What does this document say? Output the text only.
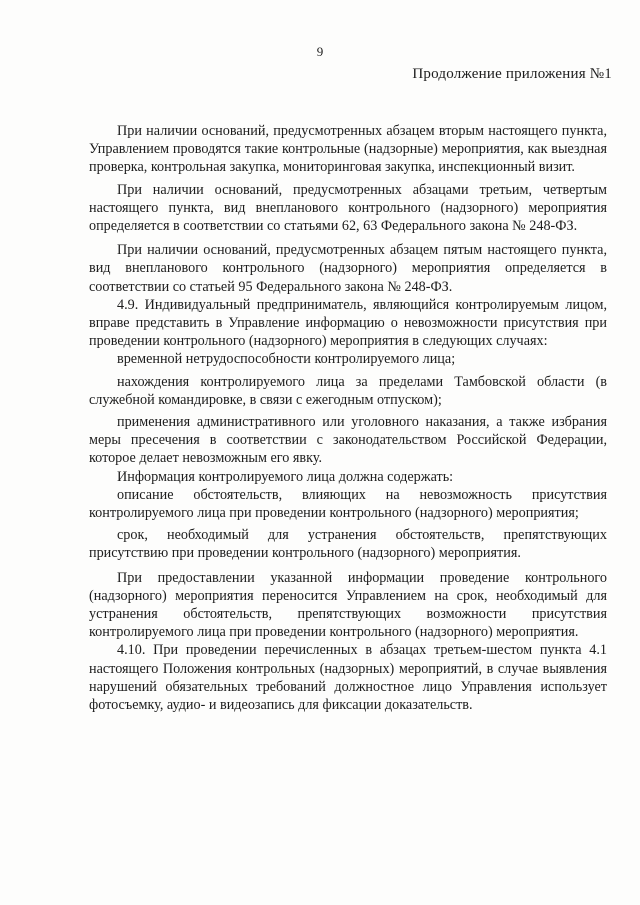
9
Продолжение приложения №1

При наличии оснований, предусмотренных абзацем вторым настоящего пункта, Управлением проводятся такие контрольные (надзорные) мероприятия, как выездная проверка, контрольная закупка, мониторинговая закупка, инспекционный визит.

При наличии оснований, предусмотренных абзацами третьим, четвертым настоящего пункта, вид внепланового контрольного (надзорного) мероприятия определяется в соответствии со статьями 62, 63 Федерального закона № 248-ФЗ.

При наличии оснований, предусмотренных абзацем пятым настоящего пункта, вид внепланового контрольного (надзорного) мероприятия определяется в соответствии со статьей 95 Федерального закона № 248-ФЗ.

4.9. Индивидуальный предприниматель, являющийся контролируемым лицом, вправе представить в Управление информацию о невозможности присутствия при проведении контрольного (надзорного) мероприятия в следующих случаях:

временной нетрудоспособности контролируемого лица;

нахождения контролируемого лица за пределами Тамбовской области (в служебной командировке, в связи с ежегодным отпуском);

применения административного или уголовного наказания, а также избрания меры пресечения в соответствии с законодательством Российской Федерации, которое делает невозможным его явку.

Информация контролируемого лица должна содержать:

описание обстоятельств, влияющих на невозможность присутствия контролируемого лица при проведении контрольного (надзорного) мероприятия;

срок, необходимый для устранения обстоятельств, препятствующих присутствию при проведении контрольного (надзорного) мероприятия.

При предоставлении указанной информации проведение контрольного (надзорного) мероприятия переносится Управлением на срок, необходимый для устранения обстоятельств, препятствующих возможности присутствия контролируемого лица при проведении контрольного (надзорного) мероприятия.

4.10. При проведении перечисленных в абзацах третьем-шестом пункта 4.1 настоящего Положения контрольных (надзорных) мероприятий, в случае выявления нарушений обязательных требований должностное лицо Управления использует фотосъемку, аудио- и видеозапись для фиксации доказательств.
